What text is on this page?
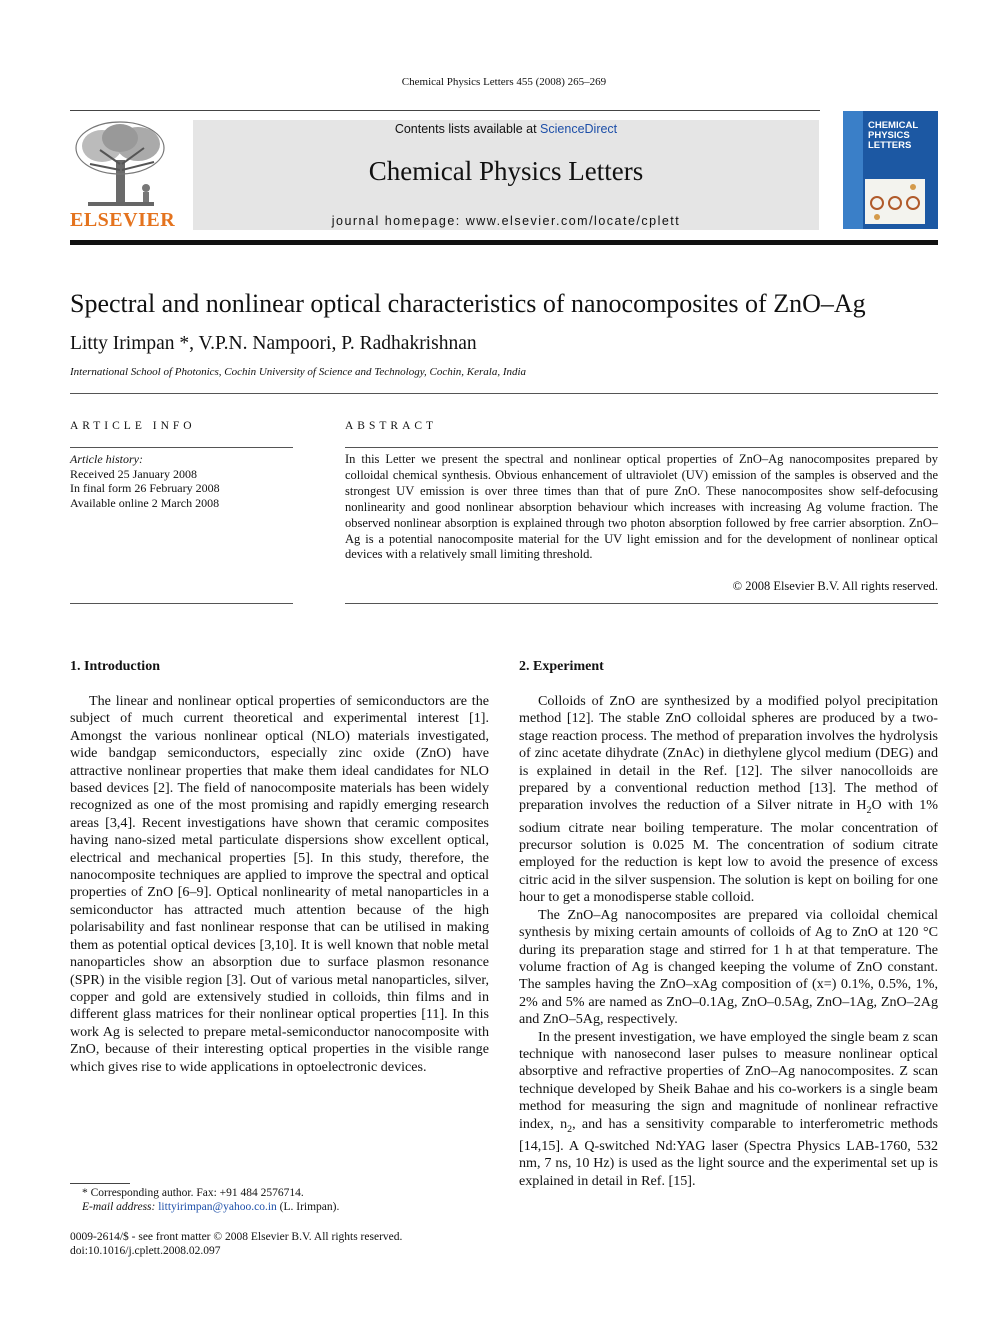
Chemical Physics Letters 455 (2008) 265–269
ELSEVIER
Contents lists available at ScienceDirect
Chemical Physics Letters
journal homepage: www.elsevier.com/locate/cplett
CHEMICAL PHYSICS LETTERS
Spectral and nonlinear optical characteristics of nanocomposites of ZnO–Ag
Litty Irimpan *, V.P.N. Nampoori, P. Radhakrishnan
International School of Photonics, Cochin University of Science and Technology, Cochin, Kerala, India
ARTICLE INFO	ABSTRACT
Article history:
Received 25 January 2008
In final form 26 February 2008
Available online 2 March 2008
In this Letter we present the spectral and nonlinear optical properties of ZnO–Ag nanocomposites prepared by colloidal chemical synthesis. Obvious enhancement of ultraviolet (UV) emission of the samples is observed and the strongest UV emission is over three times than that of pure ZnO. These nanocomposites show self-defocusing nonlinearity and good nonlinear absorption behaviour which increases with increasing Ag volume fraction. The observed nonlinear absorption is explained through two photon absorption followed by free carrier absorption. ZnO–Ag is a potential nanocomposite material for the UV light emission and for the development of nonlinear optical devices with a relatively small limiting threshold.
© 2008 Elsevier B.V. All rights reserved.
1. Introduction

The linear and nonlinear optical properties of semiconductors are the subject of much current theoretical and experimental interest [1]. Amongst the various nonlinear optical (NLO) materials investigated, wide bandgap semiconductors, especially zinc oxide (ZnO) have attractive nonlinear properties that make them ideal candidates for NLO based devices [2]. The field of nanocomposite materials has been widely recognized as one of the most promising and rapidly emerging research areas [3,4]. Recent investigations have shown that ceramic composites having nano-sized metal particulate dispersions show excellent optical, electrical and mechanical properties [5]. In this study, therefore, the nanocomposite techniques are applied to improve the spectral and optical properties of ZnO [6–9]. Optical nonlinearity of metal nanoparticles in a semiconductor has attracted much attention because of the high polarisability and fast nonlinear response that can be utilised in making them as potential optical devices [3,10]. It is well known that noble metal nanoparticles show an absorption due to surface plasmon resonance (SPR) in the visible region [3]. Out of various metal nanoparticles, silver, copper and gold are extensively studied in colloids, thin films and in different glass matrices for their nonlinear optical properties [11]. In this work Ag is selected to prepare metal-semiconductor nanocomposite with ZnO, because of their interesting optical properties in the visible range which gives rise to wide applications in optoelectronic devices.

2. Experiment

Colloids of ZnO are synthesized by a modified polyol precipitation method [12]. The stable ZnO colloidal spheres are produced by a two-stage reaction process. The method of preparation involves the hydrolysis of zinc acetate dihydrate (ZnAc) in diethylene glycol medium (DEG) and is explained in detail in the Ref. [12]. The silver nanocolloids are prepared by a conventional reduction method [13]. The method of preparation involves the reduction of a Silver nitrate in $H_2O$ with 1% sodium citrate near boiling temperature. The molar concentration of precursor solution is 0.025 M. The concentration of sodium citrate employed for the reduction is kept low to avoid the presence of excess citric acid in the silver suspension. The solution is kept on boiling for one hour to get a monodisperse stable colloid.

The ZnO–Ag nanocomposites are prepared via colloidal chemical synthesis by mixing certain amounts of colloids of Ag to ZnO at 120 °C during its preparation stage and stirred for 1 h at that temperature. The volume fraction of Ag is changed keeping the volume of ZnO constant. The samples having the ZnO–xAg composition of (x=) 0.1%, 0.5%, 1%, 2% and 5% are named as ZnO–0.1Ag, ZnO–0.5Ag, ZnO–1Ag, ZnO–2Ag and ZnO–5Ag, respectively.

In the present investigation, we have employed the single beam z scan technique with nanosecond laser pulses to measure nonlinear optical absorptive and refractive properties of ZnO–Ag nanocomposites. Z scan technique developed by Sheik Bahae and his co-workers is a single beam method for measuring the sign and magnitude of nonlinear refractive index, $n_2$, and has a sensitivity comparable to interferometric methods [14,15]. A Q-switched Nd:YAG laser (Spectra Physics LAB-1760, 532 nm, 7 ns, 10 Hz) is used as the light source and the experimental set up is explained in detail in Ref. [15].

* Corresponding author. Fax: +91 484 2576714.
E-mail address: littyirimpan@yahoo.co.in (L. Irimpan).
0009-2614/$ - see front matter © 2008 Elsevier B.V. All rights reserved.
doi:10.1016/j.cplett.2008.02.097
